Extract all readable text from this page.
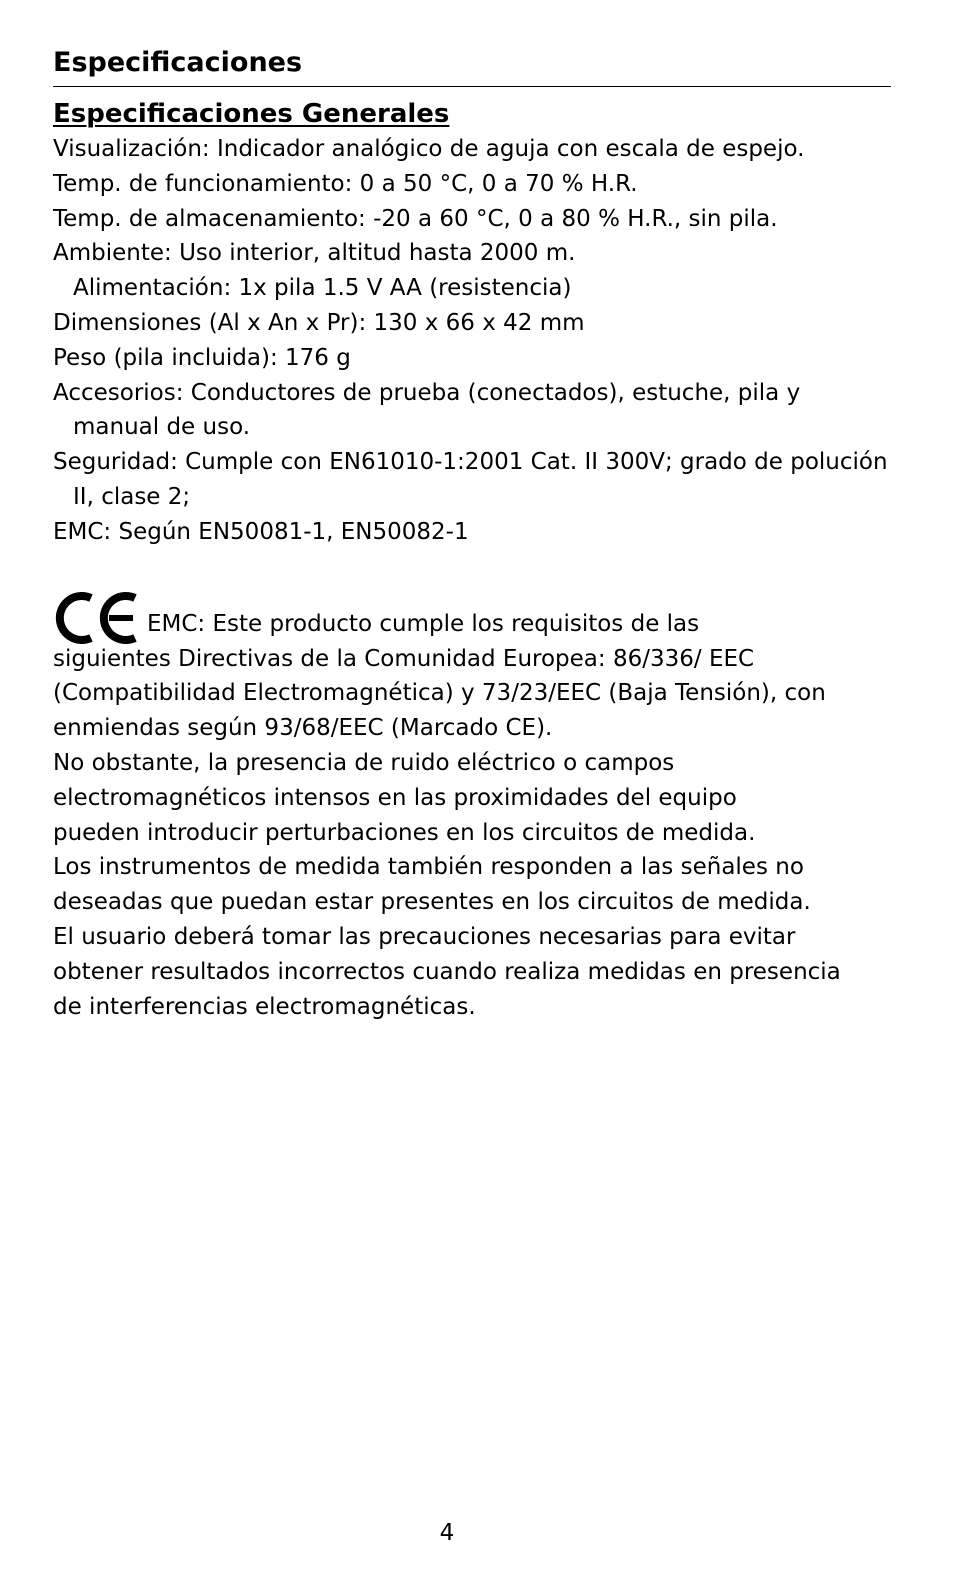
Especificaciones
Especificaciones Generales
Visualización: Indicador analógico de aguja con escala de espejo.
Temp. de funcionamiento: 0 a 50 °C, 0 a 70 % H.R.
Temp. de almacenamiento: -20 a 60 °C, 0 a 80 % H.R., sin pila.
Ambiente: Uso interior, altitud hasta 2000 m.
Alimentación: 1x pila 1.5 V AA (resistencia)
Dimensiones (Al x An x Pr): 130 x 66 x 42 mm
Peso (pila incluida): 176 g
Accesorios: Conductores de prueba (conectados), estuche, pila y manual de uso.
Seguridad: Cumple con EN61010-1:2001 Cat. II 300V; grado de polución II, clase 2;
EMC: Según EN50081-1, EN50082-1
EMC: Este producto cumple los requisitos de las
siguientes Directivas de la Comunidad Europea: 86/336/ EEC
(Compatibilidad Electromagnética) y 73/23/EEC (Baja Tensión), con
enmiendas según 93/68/EEC (Marcado CE).
No obstante, la presencia de ruido eléctrico o campos
electromagnéticos intensos en las proximidades del equipo
pueden introducir perturbaciones en los circuitos de medida.
Los instrumentos de medida también responden a las señales no
deseadas que puedan estar presentes en los circuitos de medida.
El usuario deberá tomar las precauciones necesarias para evitar
obtener resultados incorrectos cuando realiza medidas en presencia
de interferencias electromagnéticas.
4
